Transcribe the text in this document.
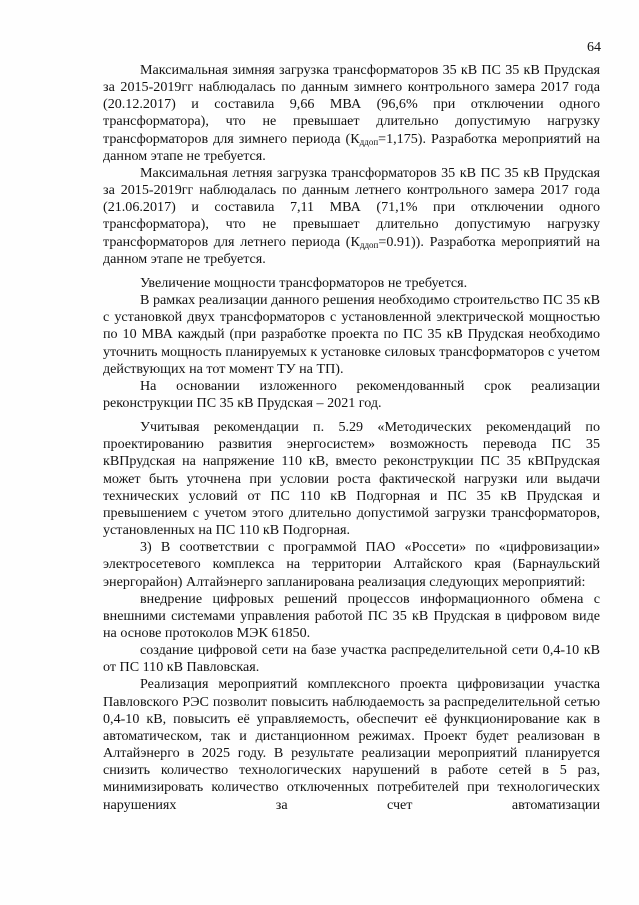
64

Максимальная зимняя загрузка трансформаторов 35 кВ ПС 35 кВ Прудская за 2015-2019гг наблюдалась по данным зимнего контрольного замера 2017 года (20.12.2017) и составила 9,66 МВА (96,6% при отключении одного трансформатора), что не превышает длительно допустимую нагрузку трансформаторов для зимнего периода $(К_{ддоп}=1,175)$. Разработка мероприятий на данном этапе не требуется.

Максимальная летняя загрузка трансформаторов 35 кВ ПС 35 кВ Прудская за 2015-2019гг наблюдалась по данным летнего контрольного замера 2017 года (21.06.2017) и составила 7,11 МВА (71,1% при отключении одного трансформатора), что не превышает длительно допустимую нагрузку трансформаторов для летнего периода $(К_{ддоп}=0.91)$). Разработка мероприятий на данном этапе не требуется.

Увеличение мощности трансформаторов не требуется.

В рамках реализации данного решения необходимо строительство ПС 35 кВ с установкой двух трансформаторов с установленной электрической мощностью по 10 МВА каждый (при разработке проекта по ПС 35 кВ Прудская необходимо уточнить мощность планируемых к установке силовых трансформаторов с учетом действующих на тот момент ТУ на ТП).

На основании изложенного рекомендованный срок реализации реконструкции ПС 35 кВ Прудская – 2021 год.

Учитывая рекомендации п. 5.29 «Методических рекомендаций по проектированию развития энергосистем» возможность перевода ПС 35 кВПрудская на напряжение 110 кВ, вместо реконструкции ПС 35 кВПрудская может быть уточнена при условии роста фактической нагрузки или выдачи технических условий от ПС 110 кВ Подгорная и ПС 35 кВ Прудская и превышением с учетом этого длительно допустимой загрузки трансформаторов, установленных на ПС 110 кВ Подгорная.

3) В соответствии с программой ПАО «Россети» по «цифровизации» электросетевого комплекса на территории Алтайского края (Барнаульский энергорайон) Алтайэнерго запланирована реализация следующих мероприятий:

внедрение цифровых решений процессов информационного обмена с внешними системами управления работой ПС 35 кВ Прудская в цифровом виде на основе протоколов МЭК 61850.

создание цифровой сети на базе участка распределительной сети 0,4-10 кВ от ПС 110 кВ Павловская.

Реализация мероприятий комплексного проекта цифровизации участка Павловского РЭС позволит повысить наблюдаемость за распределительной сетью 0,4-10 кВ, повысить её управляемость, обеспечит её функционирование как в автоматическом, так и дистанционном режимах. Проект будет реализован в Алтайэнерго в 2025 году. В результате реализации мероприятий планируется снизить количество технологических нарушений в работе сетей в 5 раз, минимизировать количество отключенных потребителей при технологических нарушениях за счет автоматизации
